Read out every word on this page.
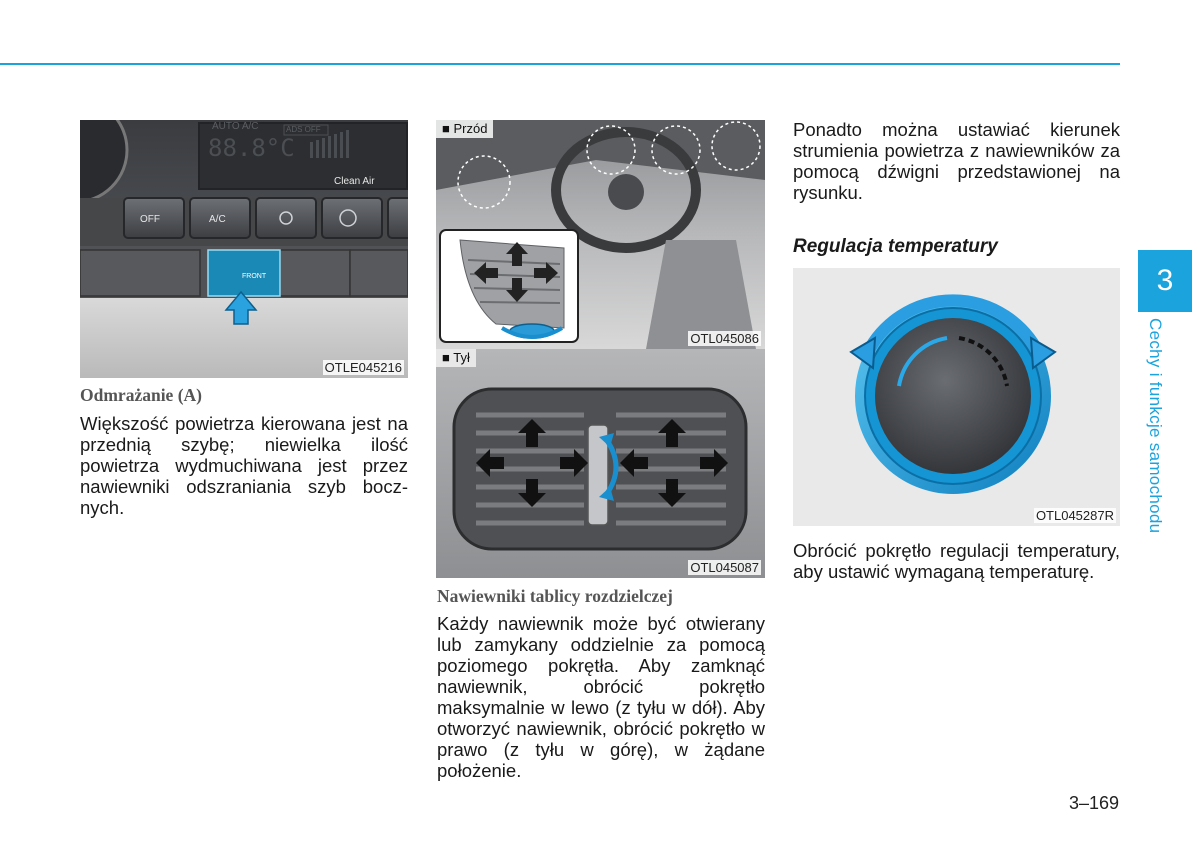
AUTO A/C	ADS OFF
88.8°C
Clean Air
OFF	A/C
FRONT
OTLE045216
■ Przód
OTL045086
■ Tył
OTL045087
OTL045287R
Odmrażanie (A)

Większość powietrza kierowana jest na przednią szybę; niewielka ilość powietrza wydmuchiwana jest przez nawiewniki odszraniania szyb bocznych.

Nawiewniki tablicy rozdzielczej

Każdy nawiewnik może być otwierany lub zamykany oddzielnie za pomocą poziomego pokrętła. Aby zamknąć nawiewnik, obrócić pokrętło maksymalnie w lewo (z tyłu w dół). Aby otworzyć nawiewnik, obrócić pokrętło w prawo (z tyłu w górę), w żądane położenie.

Ponadto można ustawiać kierunek strumienia powietrza z nawiewników za pomocą dźwigni przedstawionej na rysunku.

Regulacja temperatury

Obrócić pokrętło regulacji temperatury, aby ustawić wymaganą temperaturę.

3
Cechy i funkcje samochodu
3–169
